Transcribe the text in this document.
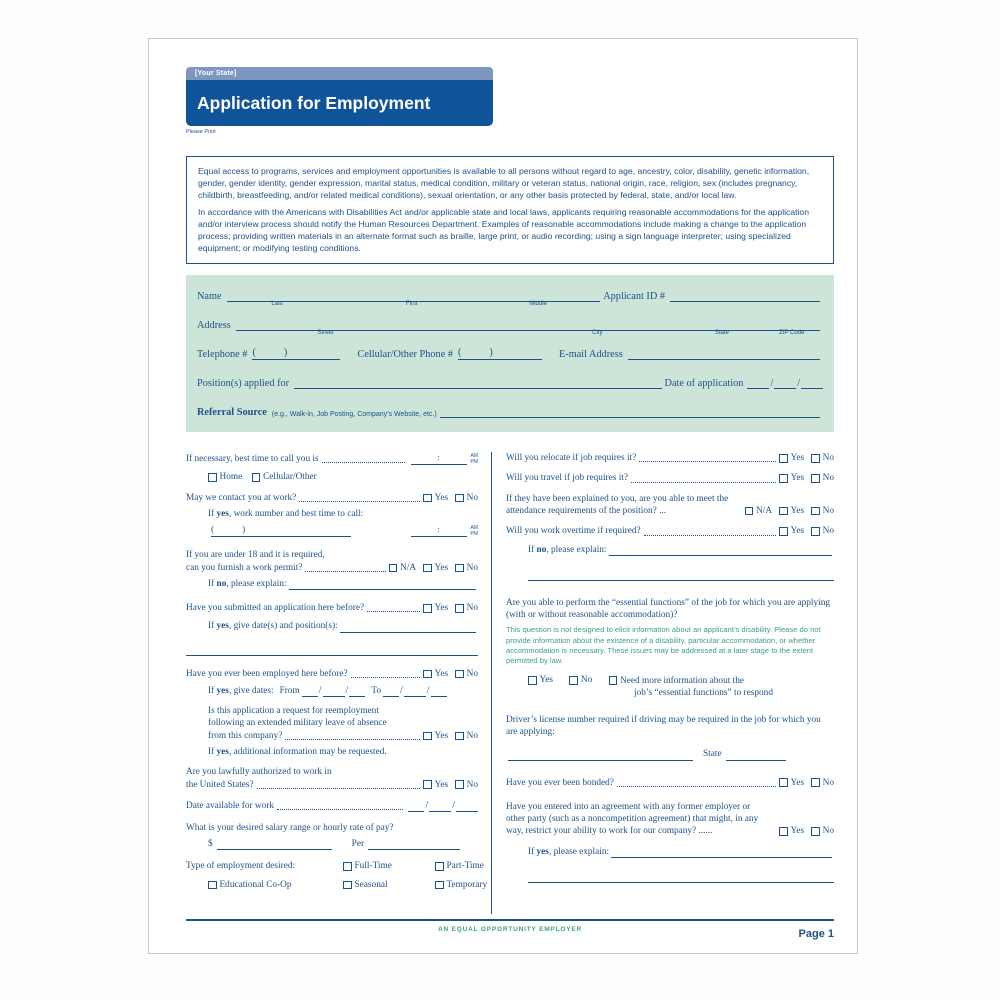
[Your State]
Application for Employment
Please Print

Equal access to programs, services and employment opportunities is available to all persons without regard to age, ancestry, color, disability, genetic information, gender, gender identity, gender expression, marital status, medical condition, military or veteran status, national origin, race, religion, sex (includes pregnancy, childbirth, breastfeeding, and/or related medical conditions), sexual orientation, or any other basis protected by federal, state, and/or local law.

In accordance with the Americans with Disabilities Act and/or applicable state and local laws, applicants requiring reasonable accommodations for the application and/or interview process should notify the Human Resources Department. Examples of reasonable accommodations include making a change to the application process; providing written materials in an alternate format such as braille, large print, or audio recording; using a sign language interpreter; using specialized equipment; or modifying testing conditions.

Name
Last	First	Middle
Applicant ID #
Address
Street	City	State	ZIP Code
Telephone # (	)	Cellular/Other Phone # (	)	E-mail Address
Position(s) applied for	Date of application	/ /
Referral Source (e.g., Walk-in, Job Posting, Company’s Website, etc.)
If necessary, best time to call you is	:	AM
PM
Home
Cellular/Other
May we contact you at work?	Yes No
If yes, work number and best time to call:
(	)	:	AM
PM
If you are under 18 and it is required,
can you furnish a work permit?	N/A Yes No
If no, please explain:
Have you submitted an application here before?	Yes No
If yes, give date(s) and position(s):
Have you ever been employed here before?	Yes No
If yes, give dates: From / / To / /
Is this application a request for reemployment
following an extended military leave of absence
from this company?	Yes No
If yes, additional information may be requested.
Are you lawfully authorized to work in
the United States?	Yes No
Date available for work	/ /
What is your desired salary range or hourly rate of pay?
$	Per
Type of employment desired:	Full-Time	Part-Time
Educational Co-Op	Seasonal	Temporary
Will you relocate if job requires it?	Yes No
Will you travel if job requires it?	Yes No
If they have been explained to you, are you able to meet the
attendance requirements of the position? ...	N/A Yes No
Will you work overtime if required?	Yes No
If no, please explain:
Are you able to perform the “essential functions” of the job for which you are applying (with or without reasonable accommodation)?
This question is not designed to elicit information about an applicant’s disability. Please do not provide information about the existence of a disability, particular accommodation, or whether accommodation is necessary. These issues may be addressed at a later stage to the extent permitted by law.
Yes
	No
	Need more information about the
job’s “essential functions” to respond
Driver’s license number required if driving may be required in the job for which you are applying:
State
Have you ever been bonded?	Yes No
Have you entered into an agreement with any former employer or
other party (such as a noncompetition agreement) that might, in any
way, restrict your ability to work for our company? ......	Yes No
If yes, please explain:
AN EQUAL OPPORTUNITY EMPLOYER	Page 1
